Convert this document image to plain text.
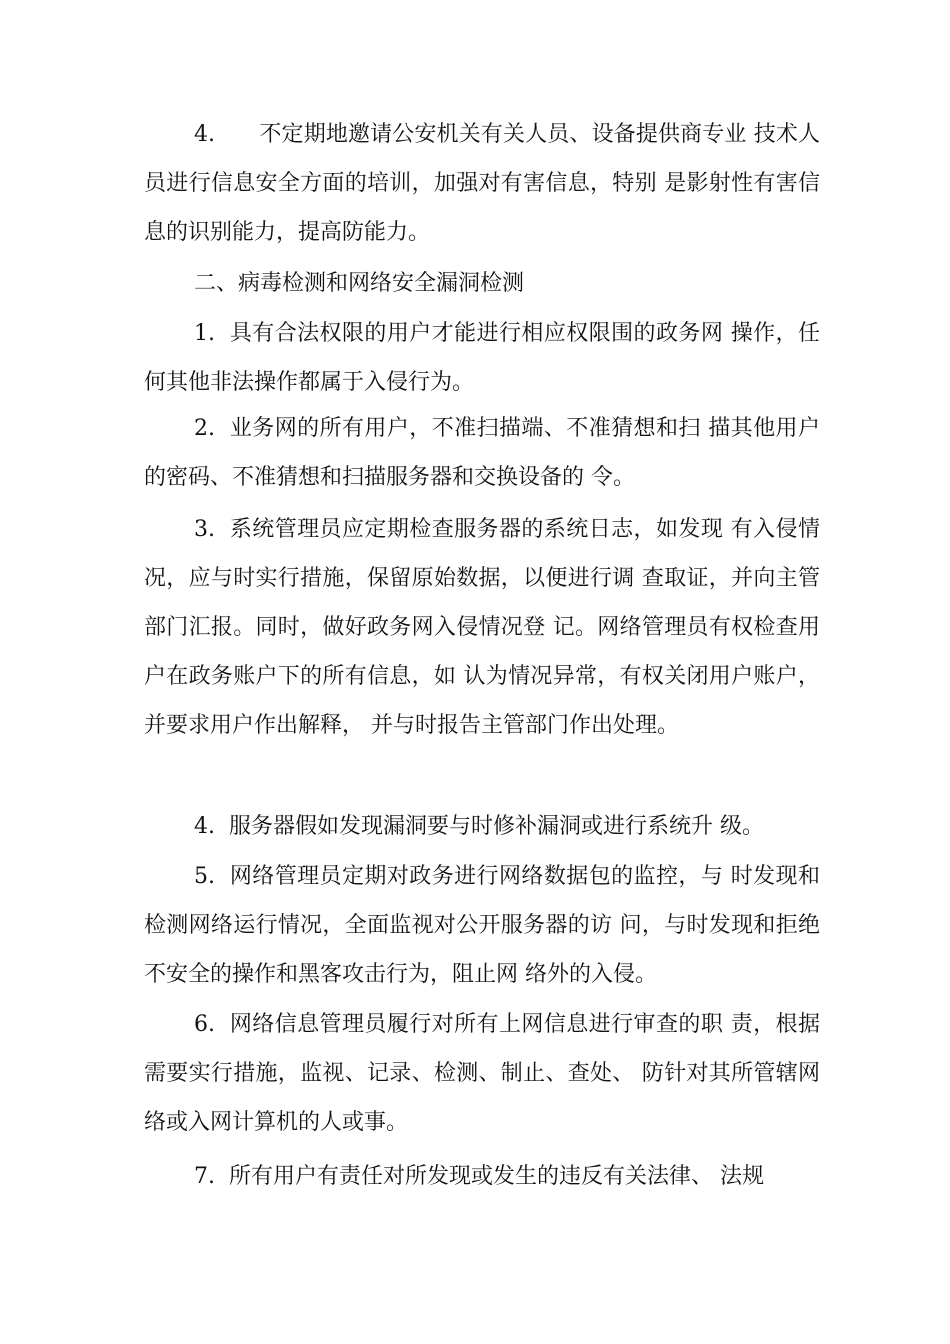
4.　　不定期地邀请公安机关有关人员、设备提供商专业 技术人员进行信息安全方面的培训，加强对有害信息，特别 是影射性有害信息的识别能力，提高防能力。

二、病毒检测和网络安全漏洞检测

1.  具有合法权限的用户才能进行相应权限围的政务网 操作，任何其他非法操作都属于入侵行为。

2.  业务网的所有用户，不准扫描端、不准猜想和扫 描其他用户的密码、不准猜想和扫描服务器和交换设备的 令。

3.  系统管理员应定期检查服务器的系统日志，如发现 有入侵情况，应与时实行措施，保留原始数据，以便进行调 查取证，并向主管部门汇报。同时，做好政务网入侵情况登 记。网络管理员有权检查用户在政务账户下的所有信息，如 认为情况异常，有权关闭用户账户，并要求用户作出解释， 并与时报告主管部门作出处理。

4.  服务器假如发现漏洞要与时修补漏洞或进行系统升 级。

5.  网络管理员定期对政务进行网络数据包的监控，与 时发现和检测网络运行情况，全面监视对公开服务器的访 问，与时发现和拒绝不安全的操作和黑客攻击行为，阻止网 络外的入侵。

6.  网络信息管理员履行对所有上网信息进行审查的职 责，根据需要实行措施，监视、记录、检测、制止、查处、 防针对其所管辖网络或入网计算机的人或事。

7.  所有用户有责任对所发现或发生的违反有关法律、 法规
